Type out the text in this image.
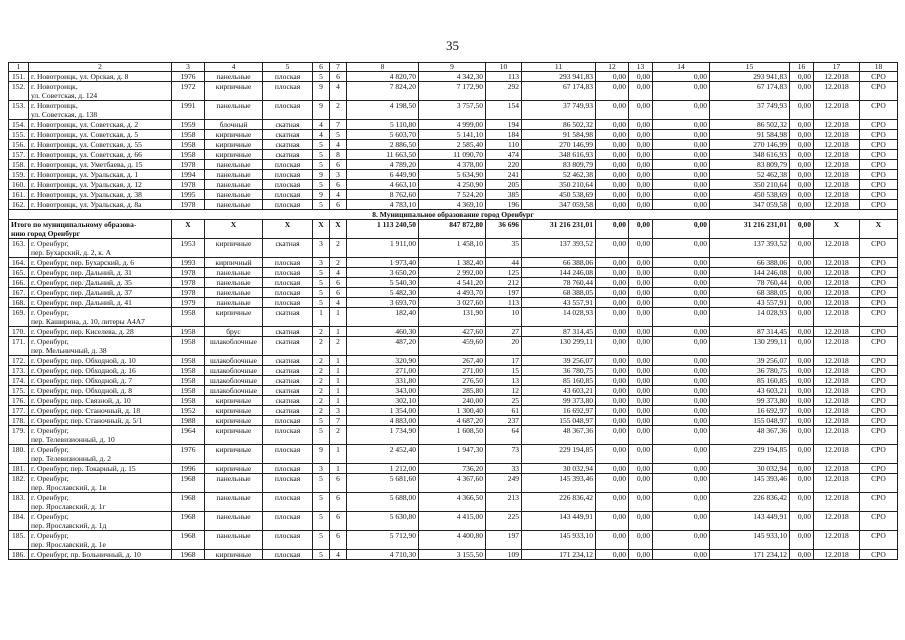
35
1	2	3	4	5	6	7	8	9	10	11	12	13	14	15	16	17	18
151.	г. Новотроицк, ул. Орская, д. 8	1976	панельные	плоская	5	6	4 820,70	4 342,30	113	293 941,83	0,00	0,00	0,00	293 941,83	0,00	12.2018	СРО
152.	г. Новотроицк,
ул. Советская, д. 124	1972	кирпичные	плоская	9	4	7 824,20	7 172,90	292	67 174,83	0,00	0,00	0,00	67 174,83	0,00	12.2018	СРО
153.	г. Новотроицк,
ул. Советская, д. 138	1991	панельные	плоская	9	2	4 198,50	3 757,50	154	37 749,93	0,00	0,00	0,00	37 749,93	0,00	12.2018	СРО
154.	г. Новотроицк, ул. Советская, д. 2	1959	блочный	скатная	4	7	5 110,80	4 999,00	194	86 502,32	0,00	0,00	0,00	86 502,32	0,00	12.2018	СРО
155.	г. Новотроицк, ул. Советская, д. 5	1958	кирпичные	скатная	4	5	5 603,70	5 141,10	184	91 584,98	0,00	0,00	0,00	91 584,98	0,00	12.2018	СРО
156.	г. Новотроицк, ул. Советская, д. 55	1958	кирпичные	скатная	5	4	2 886,50	2 585,40	110	270 146,99	0,00	0,00	0,00	270 146,99	0,00	12.2018	СРО
157.	г. Новотроицк, ул. Советская, д. 66	1958	кирпичные	скатная	5	8	11 663,50	11 090,70	474	348 616,93	0,00	0,00	0,00	348 616,93	0,00	12.2018	СРО
158.	г. Новотроицк, ул. Уметбаева, д. 15	1978	панельные	плоская	5	6	4 789,20	4 378,00	220	83 809,79	0,00	0,00	0,00	83 809,79	0,00	12.2018	СРО
159.	г. Новотроицк, ул. Уральская, д. 1	1994	панельные	плоская	9	3	6 449,90	5 634,90	241	52 462,38	0,00	0,00	0,00	52 462,38	0,00	12.2018	СРО
160.	г. Новотроицк, ул. Уральская, д. 12	1978	панельные	плоская	5	6	4 663,10	4 250,90	205	350 210,64	0,00	0,00	0,00	350 210,64	0,00	12.2018	СРО
161.	г. Новотроицк, ул. Уральская, д. 38	1995	панельные	плоская	9	4	8 762,60	7 524,20	385	450 538,69	0,00	0,00	0,00	450 538,69	0,00	12.2018	СРО
162.	г. Новотроицк, ул. Уральская, д. 8а	1978	панельные	плоская	5	6	4 783,10	4 369,10	196	347 059,58	0,00	0,00	0,00	347 059,58	0,00	12.2018	СРО
8. Муниципальное образование город Оренбург																	
Итого по муниципальному образова-
нию город Оренбург		X	X	X	X	X	1 113 240,50	847 872,80	36 696	31 216 231,01	0,00	0,00	0,00	31 216 231,01	0,00	X	X
163.	г. Оренбург,
пер. Бухарский, д. 2, к. А	1953	кирпичные	скатная	3	2	1 911,00	1 458,10	35	137 393,52	0,00	0,00	0,00	137 393,52	0,00	12.2018	СРО
164.	г. Оренбург, пер. Бухарский, д. 6	1993	кирпичный	плоская	3	2	1 973,40	1 382,40	44	66 388,06	0,00	0,00	0,00	66 388,06	0,00	12.2018	СРО
165.	г. Оренбург, пер. Дальний, д. 31	1978	панельные	плоская	5	4	3 650,20	2 992,00	125	144 246,08	0,00	0,00	0,00	144 246,08	0,00	12.2018	СРО
166.	г. Оренбург, пер. Дальний, д. 35	1978	панельные	плоская	5	6	5 540,30	4 541,20	212	78 760,44	0,00	0,00	0,00	78 760,44	0,00	12.2018	СРО
167.	г. Оренбург, пер. Дальний, д. 37	1978	панельные	плоская	5	6	5 482,30	4 493,70	197	68 388,05	0,00	0,00	0,00	68 388,05	0,00	12.2018	СРО
168.	г. Оренбург, пер. Дальний, д. 41	1979	панельные	плоская	5	4	3 693,70	3 027,60	113	43 557,91	0,00	0,00	0,00	43 557,91	0,00	12.2018	СРО
169.	г. Оренбург,
пер. Каширина, д. 10, литеры А4А7	1958	кирпичные	скатная	1	1	182,40	131,90	10	14 028,93	0,00	0,00	0,00	14 028,93	0,00	12.2018	СРО
170.	г. Оренбург, пер. Киселева, д. 28	1958	брус	скатная	2	1	460,30	427,60	27	87 314,45	0,00	0,00	0,00	87 314,45	0,00	12.2018	СРО
171.	г. Оренбург,
пер. Мельничный, д. 38	1958	шлакоблочные	скатная	2	2	487,20	459,60	20	130 299,11	0,00	0,00	0,00	130 299,11	0,00	12.2018	СРО
172.	г. Оренбург, пер. Обходной, д. 10	1958	шлакоблочные	скатная	2	1	320,90	267,40	17	39 256,07	0,00	0,00	0,00	39 256,07	0,00	12.2018	СРО
173.	г. Оренбург, пер. Обходной, д. 16	1958	шлакоблочные	скатная	2	1	271,00	271,00	15	36 780,75	0,00	0,00	0,00	36 780,75	0,00	12.2018	СРО
174.	г. Оренбург, пер. Обходной, д. 7	1958	шлакоблочные	скатная	2	1	331,80	276,50	13	85 160,85	0,00	0,00	0,00	85 160,85	0,00	12.2018	СРО
175.	г. Оренбург, пер. Обходной, д. 8	1958	шлакоблочные	скатная	2	1	343,00	285,80	12	43 603,21	0,00	0,00	0,00	43 603,21	0,00	12.2018	СРО
176.	г. Оренбург, пер. Связной, д. 10	1958	кирпичные	скатная	2	1	302,10	240,00	25	99 373,80	0,00	0,00	0,00	99 373,80	0,00	12.2018	СРО
177.	г. Оренбург, пер. Станочный, д. 18	1952	кирпичные	скатная	2	3	1 354,00	1 300,40	61	16 692,97	0,00	0,00	0,00	16 692,97	0,00	12.2018	СРО
178.	г. Оренбург, пер. Станочный, д. 5/1	1988	кирпичные	плоская	5	7	4 883,00	4 687,20	237	155 048,97	0,00	0,00	0,00	155 048,97	0,00	12.2018	СРО
179.	г. Оренбург,
пер. Телевизионный, д. 10	1964	кирпичные	плоская	5	2	1 734,90	1 608,50	64	48 367,36	0,00	0,00	0,00	48 367,36	0,00	12.2018	СРО
180.	г. Оренбург,
пер. Телевизионный, д. 2	1976	кирпичные	плоская	9	1	2 452,40	1 947,30	73	229 194,85	0,00	0,00	0,00	229 194,85	0,00	12.2018	СРО
181.	г. Оренбург, пер. Токарный, д. 15	1996	кирпичные	плоская	3	1	1 212,00	736,20	33	30 032,94	0,00	0,00	0,00	30 032,94	0,00	12.2018	СРО
182.	г. Оренбург,
пер. Ярославский, д. 1в	1968	панельные	плоская	5	6	5 681,60	4 367,60	249	145 393,46	0,00	0,00	0,00	145 393,46	0,00	12.2018	СРО
183.	г. Оренбург,
пер. Ярославский, д. 1г	1968	панельные	плоская	5	6	5 688,00	4 366,50	213	226 836,42	0,00	0,00	0,00	226 836,42	0,00	12.2018	СРО
184.	г. Оренбург,
пер. Ярославский, д. 1д	1968	панельные	плоская	5	6	5 630,80	4 415,00	225	143 449,91	0,00	0,00	0,00	143 449,91	0,00	12.2018	СРО
185.	г. Оренбург,
пер. Ярославский, д. 1е	1968	панельные	плоская	5	6	5 712,90	4 400,80	197	145 933,10	0,00	0,00	0,00	145 933,10	0,00	12.2018	СРО
186.	г. Оренбург, пр. Больничный, д. 10	1968	кирпичные	плоская	5	4	4 710,30	3 155,50	109	171 234,12	0,00	0,00	0,00	171 234,12	0,00	12.2018	СРО
